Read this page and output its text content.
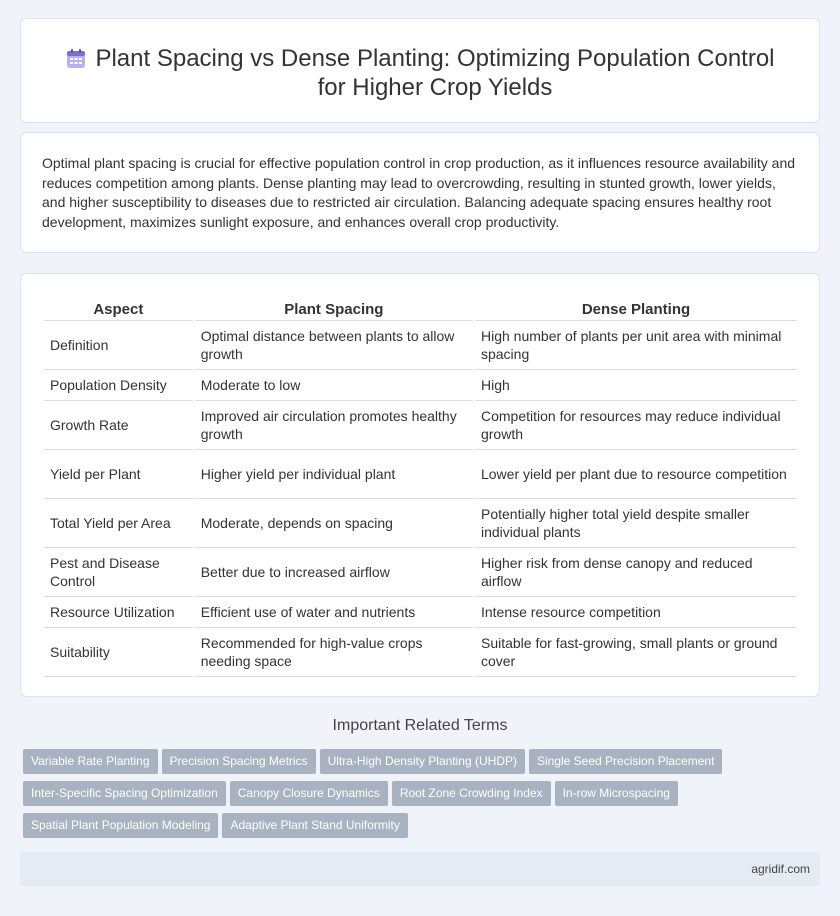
Plant Spacing vs Dense Planting: Optimizing Population Control for Higher Crop Yields

Optimal plant spacing is crucial for effective population control in crop production, as it influences resource availability and reduces competition among plants. Dense planting may lead to overcrowding, resulting in stunted growth, lower yields, and higher susceptibility to diseases due to restricted air circulation. Balancing adequate spacing ensures healthy root development, maximizes sunlight exposure, and enhances overall crop productivity.

Aspect	Plant Spacing	Dense Planting
Definition	Optimal distance between plants to allow growth	High number of plants per unit area with minimal spacing
Population Density	Moderate to low	High
Growth Rate	Improved air circulation promotes healthy growth	Competition for resources may reduce individual growth
Yield per Plant	Higher yield per individual plant	Lower yield per plant due to resource competition
Total Yield per Area	Moderate, depends on spacing	Potentially higher total yield despite smaller individual plants
Pest and Disease Control	Better due to increased airflow	Higher risk from dense canopy and reduced airflow
Resource Utilization	Efficient use of water and nutrients	Intense resource competition
Suitability	Recommended for high-value crops needing space	Suitable for fast-growing, small plants or ground cover
Important Related Terms
Variable Rate Planting Precision Spacing Metrics Ultra-High Density Planting (UHDP) Single Seed Precision Placement
Inter-Specific Spacing Optimization Canopy Closure Dynamics Root Zone Crowding Index In-row Microspacing
Spatial Plant Population Modeling Adaptive Plant Stand Uniformity
agridif.com
